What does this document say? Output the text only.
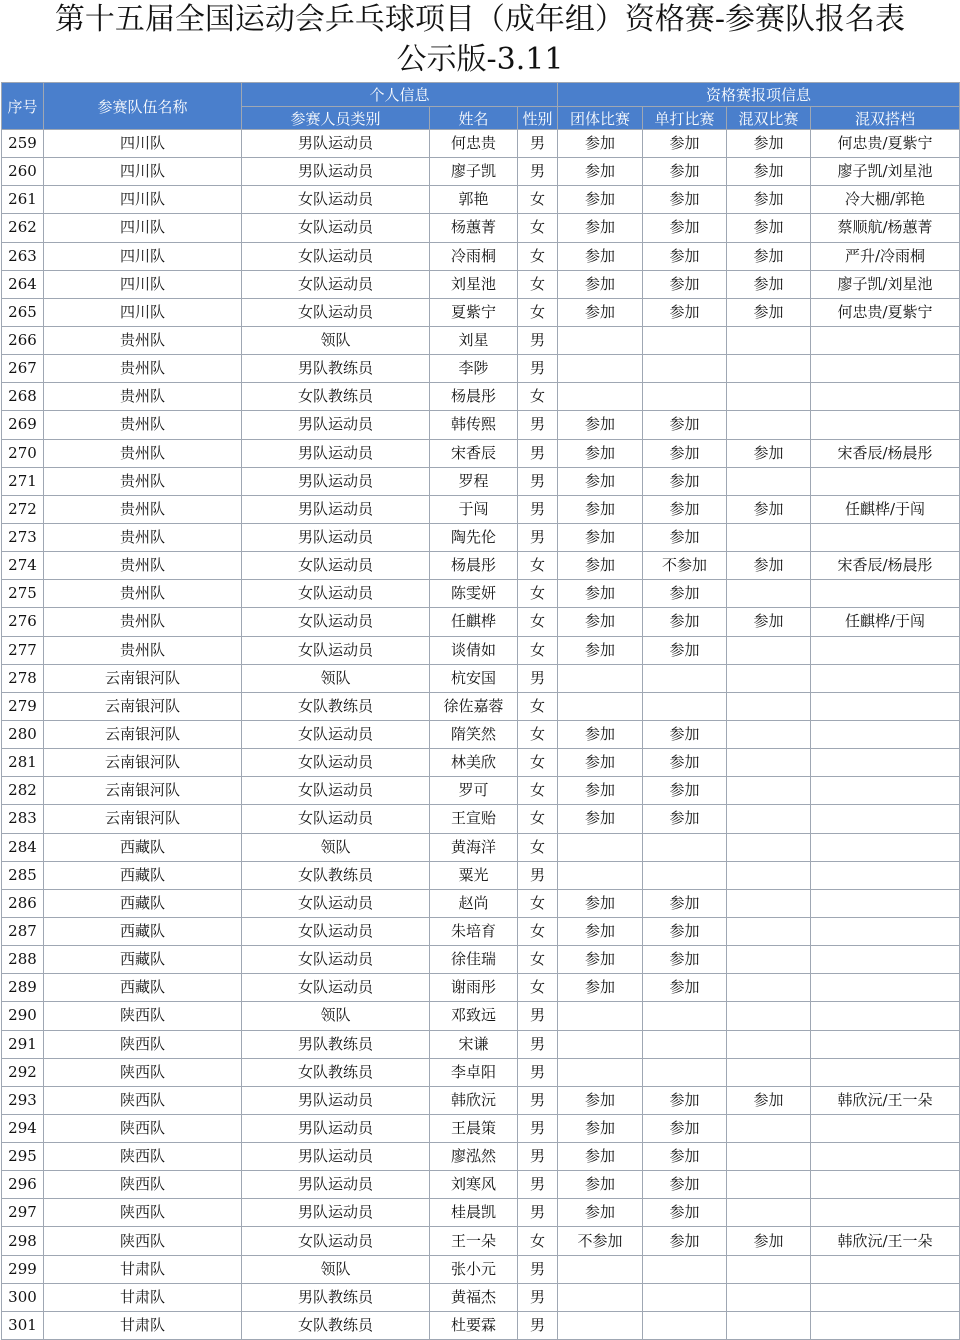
第十五届全国运动会乒乓球项目（成年组）资格赛-参赛队报名表
公示版-3.11
序号	参赛队伍名称	个人信息			资格赛报项信息			
		参赛人员类别	姓名	性别	团体比赛	单打比赛	混双比赛	混双搭档
259	四川队	男队运动员	何忠贵	男	参加	参加	参加	何忠贵/夏紫宁
260	四川队	男队运动员	廖子凯	男	参加	参加	参加	廖子凯/刘星池
261	四川队	女队运动员	郭艳	女	参加	参加	参加	冷大棚/郭艳
262	四川队	女队运动员	杨蕙菁	女	参加	参加	参加	蔡顺航/杨蕙菁
263	四川队	女队运动员	冷雨桐	女	参加	参加	参加	严升/冷雨桐
264	四川队	女队运动员	刘星池	女	参加	参加	参加	廖子凯/刘星池
265	四川队	女队运动员	夏紫宁	女	参加	参加	参加	何忠贵/夏紫宁
266	贵州队	领队	刘星	男				
267	贵州队	男队教练员	李陟	男				
268	贵州队	女队教练员	杨晨彤	女				
269	贵州队	男队运动员	韩传熙	男	参加	参加		
270	贵州队	男队运动员	宋香辰	男	参加	参加	参加	宋香辰/杨晨彤
271	贵州队	男队运动员	罗程	男	参加	参加		
272	贵州队	男队运动员	于闯	男	参加	参加	参加	任麒桦/于闯
273	贵州队	男队运动员	陶先伦	男	参加	参加		
274	贵州队	女队运动员	杨晨彤	女	参加	不参加	参加	宋香辰/杨晨彤
275	贵州队	女队运动员	陈雯妍	女	参加	参加		
276	贵州队	女队运动员	任麒桦	女	参加	参加	参加	任麒桦/于闯
277	贵州队	女队运动员	谈倩如	女	参加	参加		
278	云南银河队	领队	杭安国	男				
279	云南银河队	女队教练员	徐佐嘉蓉	女				
280	云南银河队	女队运动员	隋笑然	女	参加	参加		
281	云南银河队	女队运动员	林美欣	女	参加	参加		
282	云南银河队	女队运动员	罗可	女	参加	参加		
283	云南银河队	女队运动员	王宣贻	女	参加	参加		
284	西藏队	领队	黄海洋	女				
285	西藏队	女队教练员	粟光	男				
286	西藏队	女队运动员	赵尚	女	参加	参加		
287	西藏队	女队运动员	朱培育	女	参加	参加		
288	西藏队	女队运动员	徐佳瑞	女	参加	参加		
289	西藏队	女队运动员	谢雨彤	女	参加	参加		
290	陕西队	领队	邓致远	男				
291	陕西队	男队教练员	宋谦	男				
292	陕西队	女队教练员	李卓阳	男				
293	陕西队	男队运动员	韩欣沅	男	参加	参加	参加	韩欣沅/王一朵
294	陕西队	男队运动员	王晨策	男	参加	参加		
295	陕西队	男队运动员	廖泓然	男	参加	参加		
296	陕西队	男队运动员	刘寒风	男	参加	参加		
297	陕西队	男队运动员	桂晨凯	男	参加	参加		
298	陕西队	女队运动员	王一朵	女	不参加	参加	参加	韩欣沅/王一朵
299	甘肃队	领队	张小元	男				
300	甘肃队	男队教练员	黄福杰	男				
301	甘肃队	女队教练员	杜要霖	男				
